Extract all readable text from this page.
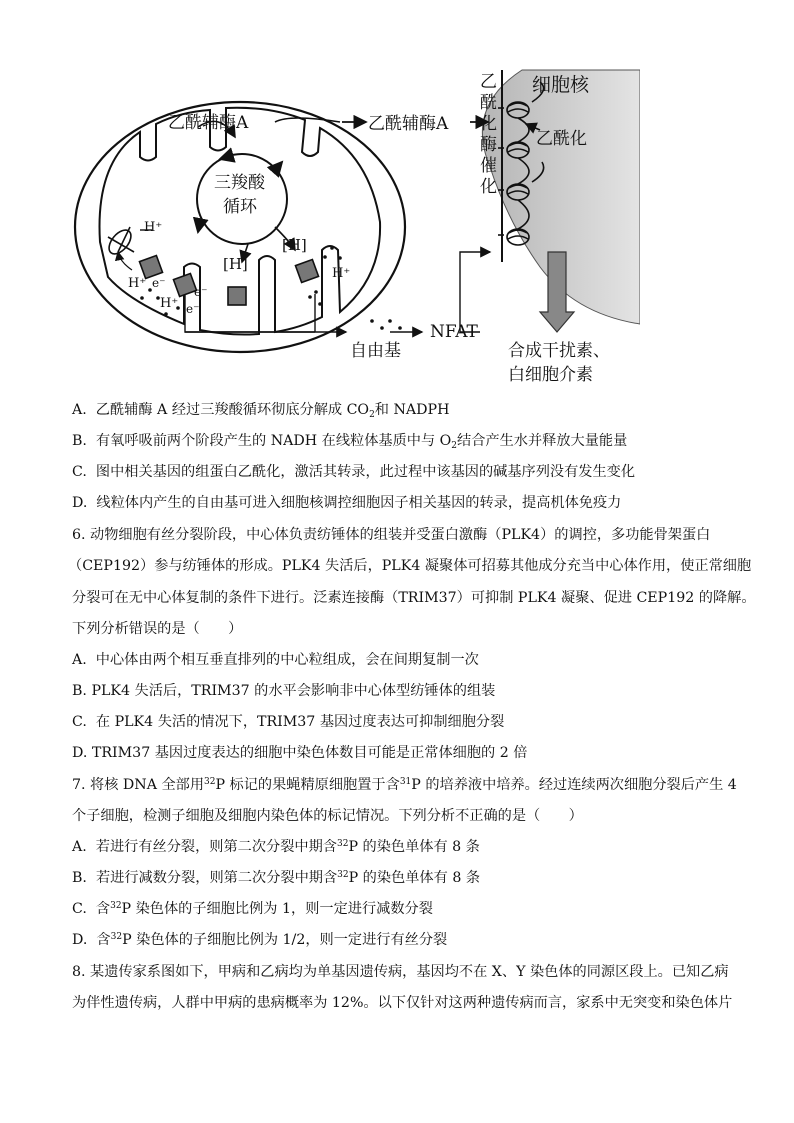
乙酰辅酶A	乙酰辅酶A
三羧酸
循环
[H]
[H]
H⁺
H⁺
H⁺
H⁺
e⁻
e⁻
e⁻
细胞核
乙
酰
化
酶
催
化
乙酰化
自由基
NFAT
合成干扰素、
白细胞介素
A. 乙酰辅酶 A 经过三羧酸循环彻底分解成 $CO_2$和 NADPH
B. 有氧呼吸前两个阶段产生的 NADH 在线粒体基质中与 $O_2$结合产生水并释放大量能量
C. 图中相关基因的组蛋白乙酰化，激活其转录，此过程中该基因的碱基序列没有发生变化
D. 线粒体内产生的自由基可进入细胞核调控细胞因子相关基因的转录，提高机体免疫力
6. 动物细胞有丝分裂阶段，中心体负责纺锤体的组装并受蛋白激酶（PLK4）的调控，多功能骨架蛋白
（CEP192）参与纺锤体的形成。PLK4 失活后，PLK4 凝聚体可招募其他成分充当中心体作用，使正常细胞
分裂可在无中心体复制的条件下进行。泛素连接酶（TRIM37）可抑制 PLK4 凝聚、促进 CEP192 的降解。
下列分析错误的是（　　）
A. 中心体由两个相互垂直排列的中心粒组成，会在间期复制一次
B. PLK4 失活后，TRIM37 的水平会影响非中心体型纺锤体的组装
C. 在 PLK4 失活的情况下，TRIM37 基因过度表达可抑制细胞分裂
D. TRIM37 基因过度表达的细胞中染色体数目可能是正常体细胞的 2 倍
7. 将核 DNA 全部用$^{32}$P 标记的果蝇精原细胞置于含$^{31}$P 的培养液中培养。经过连续两次细胞分裂后产生 4
个子细胞，检测子细胞及细胞内染色体的标记情况。下列分析不正确的是（　　）
A. 若进行有丝分裂，则第二次分裂中期含$^{32}$P 的染色单体有 8 条
B. 若进行减数分裂，则第二次分裂中期含$^{32}$P 的染色单体有 8 条
C. 含$^{32}$P 染色体的子细胞比例为 1，则一定进行减数分裂
D. 含$^{32}$P 染色体的子细胞比例为 1/2，则一定进行有丝分裂
8. 某遗传家系图如下，甲病和乙病均为单基因遗传病，基因均不在 X、Y 染色体的同源区段上。已知乙病
为伴性遗传病，人群中甲病的患病概率为 12%。以下仅针对这两种遗传病而言，家系中无突变和染色体片
